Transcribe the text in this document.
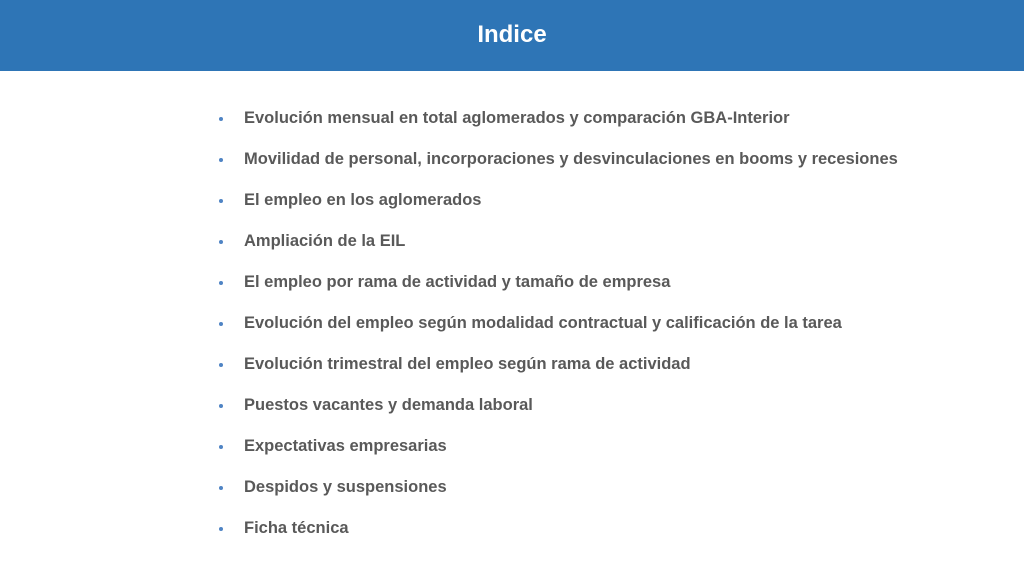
Indice
Evolución mensual en total aglomerados y comparación GBA-Interior
Movilidad de personal, incorporaciones y desvinculaciones en booms y recesiones
El empleo en los aglomerados
Ampliación de la EIL
El empleo por rama de actividad y tamaño de empresa
Evolución del empleo según modalidad contractual y calificación de la tarea
Evolución trimestral del empleo según rama de actividad
Puestos vacantes y demanda laboral
Expectativas empresarias
Despidos y suspensiones
Ficha técnica
